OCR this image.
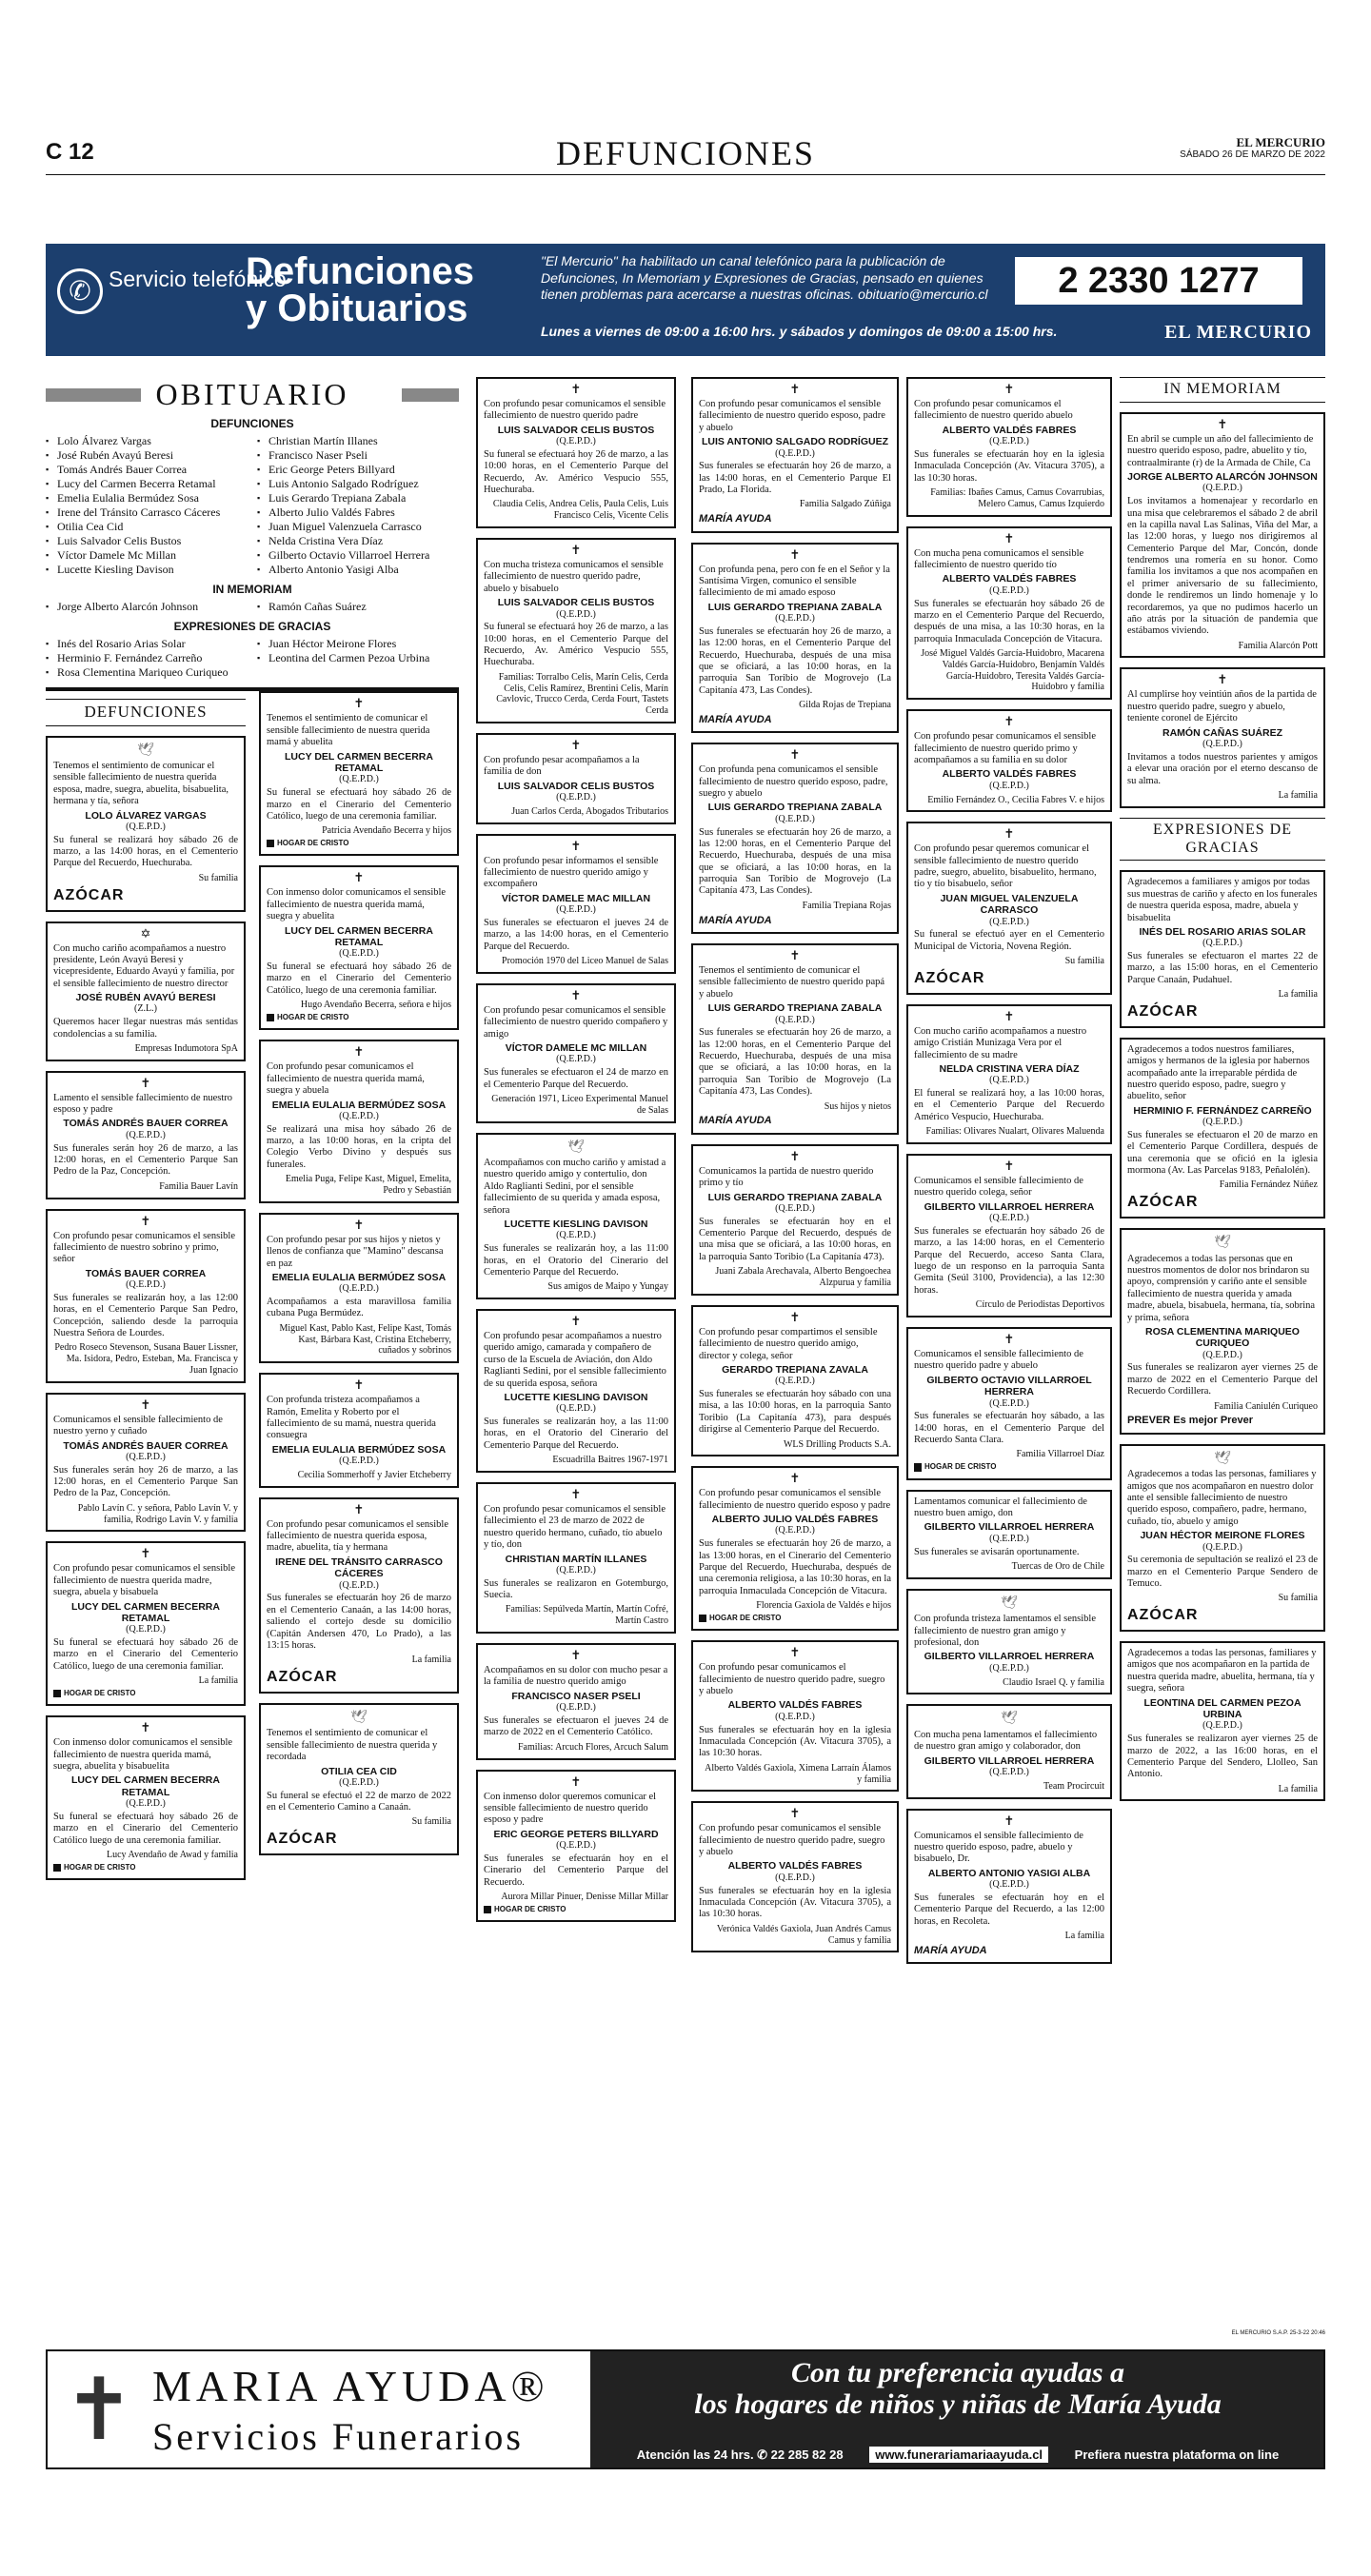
C 12	DEFUNCIONES	EL MERCURIO
SÁBADO 26 DE MARZO DE 2022
✆ Servicio telefónico
Defunciones
y Obituarios
"El Mercurio" ha habilitado un canal telefónico para la publicación de Defunciones, In Memoriam y Expresiones de Gracias, pensado en quienes tienen problemas para acercarse a nuestras oficinas. obituario@mercurio.cl
Lunes a viernes de 09:00 a 16:00 hrs. y sábados y domingos de 09:00 a 15:00 hrs.
2 2330 1277
EL MERCURIO
OBITUARIO
DEFUNCIONES
▪ Lolo Álvarez Vargas
▪ José Rubén Avayú Beresi
▪ Tomás Andrés Bauer Correa
▪ Lucy del Carmen Becerra Retamal
▪ Emelia Eulalia Bermúdez Sosa
▪ Irene del Tránsito Carrasco Cáceres
▪ Otilia Cea Cid
▪ Luis Salvador Celis Bustos
▪ Víctor Damele Mc Millan
▪ Lucette Kiesling Davison
▪ Christian Martín Illanes
▪ Francisco Naser Pseli
▪ Eric George Peters Billyard
▪ Luis Antonio Salgado Rodríguez
▪ Luis Gerardo Trepiana Zabala
▪ Alberto Julio Valdés Fabres
▪ Juan Miguel Valenzuela Carrasco
▪ Nelda Cristina Vera Díaz
▪ Gilberto Octavio Villarroel Herrera
▪ Alberto Antonio Yasigi Alba
IN MEMORIAM
▪ Jorge Alberto Alarcón Johnson
▪	Ramón Cañas Suárez
EXPRESIONES DE GRACIAS
▪ Inés del Rosario Arias Solar
▪ Herminio F. Fernández Carreño
▪ Rosa Clementina Mariqueo Curiqueo
▪ Juan Héctor Meirone Flores
▪ Leontina del Carmen Pezoa Urbina
DEFUNCIONES
🕊
Tenemos el sentimiento de comunicar el sensible fallecimiento de nuestra querida esposa, madre, suegra, abuelita, bisabuelita, hermana y tía, señora
LOLO ÁLVAREZ VARGAS
(Q.E.P.D.)
Su funeral se realizará hoy sábado 26 de marzo, a las 14:00 horas, en el Cementerio Parque del Recuerdo, Huechuraba.
Su familia
AZÓCAR
✡
Con mucho cariño acompañamos a nuestro presidente, León Avayú Beresi y vicepresidente, Eduardo Avayú y familia, por el sensible fallecimiento de nuestro director
JOSÉ RUBÉN AVAYÚ BERESI
(Z.L.)
Queremos hacer llegar nuestras más sentidas condolencias a su familia.
Empresas Indumotora SpA
✝
Lamento el sensible fallecimiento de nuestro esposo y padre
TOMÁS ANDRÉS BAUER CORREA
(Q.E.P.D.)
Sus funerales serán hoy 26 de marzo, a las 12:00 horas, en el Cementerio Parque San Pedro de la Paz, Concepción.
Familia Bauer Lavín
✝
Con profundo pesar comunicamos el sensible fallecimiento de nuestro sobrino y primo, señor
TOMÁS BAUER CORREA
(Q.E.P.D.)
Sus funerales se realizarán hoy, a las 12:00 horas, en el Cementerio Parque San Pedro, Concepción, saliendo desde la parroquia Nuestra Señora de Lourdes.
Pedro Roseco Stevenson, Susana Bauer Lissner, Ma. Isidora, Pedro, Esteban, Ma. Francisca y Juan Ignacio
✝
Comunicamos el sensible fallecimiento de nuestro yerno y cuñado
TOMÁS ANDRÉS BAUER CORREA
(Q.E.P.D.)
Sus funerales serán hoy 26 de marzo, a las 12:00 horas, en el Cementerio Parque San Pedro de la Paz, Concepción.
Pablo Lavín C. y señora, Pablo Lavín V. y familia, Rodrigo Lavín V. y familia
✝
Con profundo pesar comunicamos el sensible fallecimiento de nuestra querida madre, suegra, abuela y bisabuela
LUCY DEL CARMEN BECERRA RETAMAL
(Q.E.P.D.)
Su funeral se efectuará hoy sábado 26 de marzo en el Cinerario del Cementerio Católico, luego de una ceremonia familiar.
La familia
HOGAR DE CRISTO
✝
Con inmenso dolor comunicamos el sensible fallecimiento de nuestra querida mamá, suegra, abuelita y bisabuelita
LUCY DEL CARMEN BECERRA RETAMAL
(Q.E.P.D.)
Su funeral se efectuará hoy sábado 26 de marzo en el Cinerario del Cementerio Católico luego de una ceremonia familiar.
Lucy Avendaño de Awad y familia
HOGAR DE CRISTO
✝
Tenemos el sentimiento de comunicar el sensible fallecimiento de nuestra querida mamá y abuelita
LUCY DEL CARMEN BECERRA RETAMAL
(Q.E.P.D.)
Su funeral se efectuará hoy sábado 26 de marzo en el Cinerario del Cementerio Católico, luego de una ceremonia familiar.
Patricia Avendaño Becerra y hijos
HOGAR DE CRISTO
✝
Con inmenso dolor comunicamos el sensible fallecimiento de nuestra querida mamá, suegra y abuelita
LUCY DEL CARMEN BECERRA RETAMAL
(Q.E.P.D.)
Su funeral se efectuará hoy sábado 26 de marzo en el Cinerario del Cementerio Católico, luego de una ceremonia familiar.
Hugo Avendaño Becerra, señora e hijos
HOGAR DE CRISTO
✝
Con profundo pesar comunicamos el fallecimiento de nuestra querida mamá, suegra y abuela
EMELIA EULALIA BERMÚDEZ SOSA
(Q.E.P.D.)
Se realizará una misa hoy sábado 26 de marzo, a las 10:00 horas, en la cripta del Colegio Verbo Divino y después sus funerales.
Emelia Puga, Felipe Kast, Miguel, Emelita, Pedro y Sebastián
✝
Con profundo pesar por sus hijos y nietos y llenos de confianza que "Mamino" descansa en paz
EMELIA EULALIA BERMÚDEZ SOSA
(Q.E.P.D.)
Acompañamos a esta maravillosa familia cubana Puga Bermúdez.
Miguel Kast, Pablo Kast, Felipe Kast, Tomás Kast, Bárbara Kast, Cristina Etcheberry, cuñados y sobrinos
✝
Con profunda tristeza acompañamos a Ramón, Emelita y Roberto por el fallecimiento de su mamá, nuestra querida consuegra
EMELIA EULALIA BERMÚDEZ SOSA
(Q.E.P.D.)
Cecilia Sommerhoff y Javier Etcheberry
✝
Con profundo pesar comunicamos el sensible fallecimiento de nuestra querida esposa, madre, abuelita, tía y hermana
IRENE DEL TRÁNSITO CARRASCO CÁCERES
(Q.E.P.D.)
Sus funerales se efectuarán hoy 26 de marzo en el Cementerio Canaán, a las 14:00 horas, saliendo el cortejo desde su domicilio (Capitán Andersen 470, Lo Prado), a las 13:15 horas.
La familia
AZÓCAR
🕊
Tenemos el sentimiento de comunicar el sensible fallecimiento de nuestra querida y recordada
OTILIA CEA CID
(Q.E.P.D.)
Su funeral se efectuó el 22 de marzo de 2022 en el Cementerio Camino a Canaán.
Su familia
AZÓCAR
✝
Con profundo pesar comunicamos el sensible fallecimiento de nuestro querido padre
LUIS SALVADOR CELIS BUSTOS
(Q.E.P.D.)
Su funeral se efectuará hoy 26 de marzo, a las 10:00 horas, en el Cementerio Parque del Recuerdo, Av. Américo Vespucio 555, Huechuraba.
Claudia Celis, Andrea Celis, Paula Celis, Luis Francisco Celis, Vicente Celis
✝
Con mucha tristeza comunicamos el sensible fallecimiento de nuestro querido padre, abuelo y bisabuelo
LUIS SALVADOR CELIS BUSTOS
(Q.E.P.D.)
Su funeral se efectuará hoy 26 de marzo, a las 10:00 horas, en el Cementerio Parque del Recuerdo, Av. Américo Vespucio 555, Huechuraba.
Familias: Torralbo Celis, Marín Celis, Cerda Celis, Celis Ramírez, Brentini Celis, Marín Cavlovic, Trucco Cerda, Cerda Fourt, Tastets Cerda
✝
Con profundo pesar acompañamos a la familia de don
LUIS SALVADOR CELIS BUSTOS
(Q.E.P.D.)
Juan Carlos Cerda, Abogados Tributarios
✝
Con profundo pesar informamos el sensible fallecimiento de nuestro querido amigo y excompañero
VÍCTOR DAMELE MAC MILLAN
(Q.E.P.D.)
Sus funerales se efectuaron el jueves 24 de marzo, a las 14:00 horas, en el Cementerio Parque del Recuerdo.
Promoción 1970 del Liceo Manuel de Salas
✝
Con profundo pesar comunicamos el sensible fallecimiento de nuestro querido compañero y amigo
VÍCTOR DAMELE MC MILLAN
(Q.E.P.D.)
Sus funerales se efectuaron el 24 de marzo en el Cementerio Parque del Recuerdo.
Generación 1971, Liceo Experimental Manuel de Salas
🕊
Acompañamos con mucho cariño y amistad a nuestro querido amigo y contertulio, don Aldo Raglianti Sedini, por el sensible fallecimiento de su querida y amada esposa, señora
LUCETTE KIESLING DAVISON
(Q.E.P.D.)
Sus funerales se realizarán hoy, a las 11:00 horas, en el Oratorio del Cinerario del Cementerio Parque del Recuerdo.
Sus amigos de Maipo y Yungay
✝
Con profundo pesar acompañamos a nuestro querido amigo, camarada y compañero de curso de la Escuela de Aviación, don Aldo Raglianti Sedini, por el sensible fallecimiento de su querida esposa, señora
LUCETTE KIESLING DAVISON
(Q.E.P.D.)
Sus funerales se realizarán hoy, a las 11:00 horas, en el Oratorio del Cinerario del Cementerio Parque del Recuerdo.
Escuadrilla Baitres 1967-1971
✝
Con profundo pesar comunicamos el sensible fallecimiento el 23 de marzo de 2022 de nuestro querido hermano, cuñado, tío abuelo y tío, don
CHRISTIAN MARTÍN ILLANES
(Q.E.P.D.)
Sus funerales se realizaron en Gotemburgo, Suecia.
Familias: Sepúlveda Martín, Martín Cofré, Martín Castro
✝
Acompañamos en su dolor con mucho pesar a la familia de nuestro querido amigo
FRANCISCO NASER PSELI
(Q.E.P.D.)
Sus funerales se efectuaron el jueves 24 de marzo de 2022 en el Cementerio Católico.
Familias: Arcuch Flores, Arcuch Salum
✝
Con inmenso dolor queremos comunicar el sensible fallecimiento de nuestro querido esposo y padre
ERIC GEORGE PETERS BILLYARD
(Q.E.P.D.)
Sus funerales se efectuarán hoy en el Cinerario del Cementerio Parque del Recuerdo.
Aurora Millar Pinuer, Denisse Millar Millar
HOGAR DE CRISTO
✝
Con profundo pesar comunicamos el sensible fallecimiento de nuestro querido esposo, padre y abuelo
LUIS ANTONIO SALGADO RODRÍGUEZ
(Q.E.P.D.)
Sus funerales se efectuarán hoy 26 de marzo, a las 14:00 horas, en el Cementerio Parque El Prado, La Florida.
Familia Salgado Zúñiga
MARÍA AYUDA
✝
Con profunda pena, pero con fe en el Señor y la Santísima Virgen, comunico el sensible fallecimiento de mi amado esposo
LUIS GERARDO TREPIANA ZABALA
(Q.E.P.D.)
Sus funerales se efectuarán hoy 26 de marzo, a las 12:00 horas, en el Cementerio Parque del Recuerdo, Huechuraba, después de una misa que se oficiará, a las 10:00 horas, en la parroquia San Toribio de Mogrovejo (La Capitanía 473, Las Condes).
Gilda Rojas de Trepiana
MARÍA AYUDA
✝
Con profunda pena comunicamos el sensible fallecimiento de nuestro querido esposo, padre, suegro y abuelo
LUIS GERARDO TREPIANA ZABALA
(Q.E.P.D.)
Sus funerales se efectuarán hoy 26 de marzo, a las 12:00 horas, en el Cementerio Parque del Recuerdo, Huechuraba, después de una misa que se oficiará, a las 10:00 horas, en la parroquia San Toribio de Mogrovejo (La Capitanía 473, Las Condes).
Familia Trepiana Rojas
MARÍA AYUDA
✝
Tenemos el sentimiento de comunicar el sensible fallecimiento de nuestro querido papá y abuelo
LUIS GERARDO TREPIANA ZABALA
(Q.E.P.D.)
Sus funerales se efectuarán hoy 26 de marzo, a las 12:00 horas, en el Cementerio Parque del Recuerdo, Huechuraba, después de una misa que se oficiará, a las 10:00 horas, en la parroquia San Toribio de Mogrovejo (La Capitanía 473, Las Condes).
Sus hijos y nietos
MARÍA AYUDA
✝
Comunicamos la partida de nuestro querido primo y tío
LUIS GERARDO TREPIANA ZABALA
(Q.E.P.D.)
Sus funerales se efectuarán hoy en el Cementerio Parque del Recuerdo, después de una misa que se oficiará, a las 10:00 horas, en la parroquia Santo Toribio (La Capitanía 473).
Juani Zabala Arechavala, Alberto Bengoechea Alzpurua y familia
✝
Con profundo pesar compartimos el sensible fallecimiento de nuestro querido amigo, director y colega, señor
GERARDO TREPIANA ZAVALA
(Q.E.P.D.)
Sus funerales se efectuarán hoy sábado con una misa, a las 10:00 horas, en la parroquia Santo Toribio (La Capitanía 473), para después dirigirse al Cementerio Parque del Recuerdo.
WLS Drilling Products S.A.
✝
Con profundo pesar comunicamos el sensible fallecimiento de nuestro querido esposo y padre
ALBERTO JULIO VALDÉS FABRES
(Q.E.P.D.)
Sus funerales se efectuarán hoy 26 de marzo, a las 13:00 horas, en el Cinerario del Cementerio Parque del Recuerdo, Huechuraba, después de una ceremonia religiosa, a las 10:30 horas, en la parroquia Inmaculada Concepción de Vitacura.
Florencia Gaxiola de Valdés e hijos
HOGAR DE CRISTO
✝
Con profundo pesar comunicamos el fallecimiento de nuestro querido padre, suegro y abuelo
ALBERTO VALDÉS FABRES
(Q.E.P.D.)
Sus funerales se efectuarán hoy en la iglesia Inmaculada Concepción (Av. Vitacura 3705), a las 10:30 horas.
Alberto Valdés Gaxiola, Ximena Larraín Álamos y familia
✝
Con profundo pesar comunicamos el sensible fallecimiento de nuestro querido padre, suegro y abuelo
ALBERTO VALDÉS FABRES
(Q.E.P.D.)
Sus funerales se efectuarán hoy en la iglesia Inmaculada Concepción (Av. Vitacura 3705), a las 10:30 horas.
Verónica Valdés Gaxiola, Juan Andrés Camus Camus y familia
✝
Con profundo pesar comunicamos el fallecimiento de nuestro querido abuelo
ALBERTO VALDÉS FABRES
(Q.E.P.D.)
Sus funerales se efectuarán hoy en la iglesia Inmaculada Concepción (Av. Vitacura 3705), a las 10:30 horas.
Familias: Ibañes Camus, Camus Covarrubias, Melero Camus, Camus Izquierdo
✝
Con mucha pena comunicamos el sensible fallecimiento de nuestro querido tío
ALBERTO VALDÉS FABRES
(Q.E.P.D.)
Sus funerales se efectuarán hoy sábado 26 de marzo en el Cementerio Parque del Recuerdo, después de una misa, a las 10:30 horas, en la parroquia Inmaculada Concepción de Vitacura.
José Miguel Valdés García-Huidobro, Macarena Valdés García-Huidobro, Benjamín Valdés García-Huidobro, Teresita Valdés García-Huidobro y familia
✝
Con profundo pesar comunicamos el sensible fallecimiento de nuestro querido primo y acompañamos a su familia en su dolor
ALBERTO VALDÉS FABRES
(Q.E.P.D.)
Emilio Fernández O., Cecilia Fabres V. e hijos
✝
Con profundo pesar queremos comunicar el sensible fallecimiento de nuestro querido padre, suegro, abuelito, bisabuelito, hermano, tío y tío bisabuelo, señor
JUAN MIGUEL VALENZUELA CARRASCO
(Q.E.P.D.)
Su funeral se efectuó ayer en el Cementerio Municipal de Victoria, Novena Región.
Su familia
AZÓCAR
✝
Con mucho cariño acompañamos a nuestro amigo Cristián Munizaga Vera por el fallecimiento de su madre
NELDA CRISTINA VERA DÍAZ
(Q.E.P.D.)
El funeral se realizará hoy, a las 10:00 horas, en el Cementerio Parque del Recuerdo Américo Vespucio, Huechuraba.
Familias: Olivares Nualart, Olivares Maluenda
✝
Comunicamos el sensible fallecimiento de nuestro querido colega, señor
GILBERTO VILLARROEL HERRERA
(Q.E.P.D.)
Sus funerales se efectuarán hoy sábado 26 de marzo, a las 14:00 horas, en el Cementerio Parque del Recuerdo, acceso Santa Clara, luego de un responso en la parroquia Santa Gemita (Seúl 3100, Providencia), a las 12:30 horas.
Círculo de Periodistas Deportivos
✝
Comunicamos el sensible fallecimiento de nuestro querido padre y abuelo
GILBERTO OCTAVIO VILLARROEL HERRERA
(Q.E.P.D.)
Sus funerales se efectuarán hoy sábado, a las 14:00 horas, en el Cementerio Parque del Recuerdo Santa Clara.
Familia Villarroel Díaz
HOGAR DE CRISTO
Lamentamos comunicar el fallecimiento de nuestro buen amigo, don
GILBERTO VILLARROEL HERRERA
(Q.E.P.D.)
Sus funerales se avisarán oportunamente.
Tuercas de Oro de Chile
🕊
Con profunda tristeza lamentamos el sensible fallecimiento de nuestro gran amigo y profesional, don
GILBERTO VILLARROEL HERRERA
(Q.E.P.D.)
Claudio Israel Q. y familia
🕊
Con mucha pena lamentamos el fallecimiento de nuestro gran amigo y colaborador, don
GILBERTO VILLARROEL HERRERA
(Q.E.P.D.)
Team Procircuit
✝
Comunicamos el sensible fallecimiento de nuestro querido esposo, padre, abuelo y bisabuelo, Dr.
ALBERTO ANTONIO YASIGI ALBA
(Q.E.P.D.)
Sus funerales se efectuarán hoy en el Cementerio Parque del Recuerdo, a las 12:00 horas, en Recoleta.
La familia
MARÍA AYUDA
IN MEMORIAM
✝
En abril se cumple un año del fallecimiento de nuestro querido esposo, padre, abuelito y tío, contraalmirante (r) de la Armada de Chile, Ca
JORGE ALBERTO ALARCÓN JOHNSON
(Q.E.P.D.)
Los invitamos a homenajear y recordarlo en una misa que celebraremos el sábado 2 de abril en la capilla naval Las Salinas, Viña del Mar, a las 12:00 horas, y luego nos dirigiremos al Cementerio Parque del Mar, Concón, donde tendremos una romería en su honor. Como familia los invitamos a que nos acompañen en el primer aniversario de su fallecimiento, donde le rendiremos un lindo homenaje y lo recordaremos, ya que no pudimos hacerlo un año atrás por la situación de pandemia que estábamos viviendo.
Familia Alarcón Pott
✝
Al cumplirse hoy veintiún años de la partida de nuestro querido padre, suegro y abuelo, teniente coronel de Ejército
RAMÓN CAÑAS SUÁREZ
(Q.E.P.D.)
Invitamos a todos nuestros parientes y amigos a elevar una oración por el eterno descanso de su alma.
La familia
EXPRESIONES DE GRACIAS
Agradecemos a familiares y amigos por todas sus muestras de cariño y afecto en los funerales de nuestra querida esposa, madre, abuela y bisabuelita
INÉS DEL ROSARIO ARIAS SOLAR
(Q.E.P.D.)
Sus funerales se efectuaron el martes 22 de marzo, a las 15:00 horas, en el Cementerio Parque Canaán, Pudahuel.
La familia
AZÓCAR
Agradecemos a todos nuestros familiares, amigos y hermanos de la iglesia por habernos acompañado ante la irreparable pérdida de nuestro querido esposo, padre, suegro y abuelito, señor
HERMINIO F. FERNÁNDEZ CARREÑO
(Q.E.P.D.)
Sus funerales se efectuaron el 20 de marzo en el Cementerio Parque Cordillera, después de una ceremonia que se ofició en la iglesia mormona (Av. Las Parcelas 9183, Peñalolén).
Familia Fernández Núñez
AZÓCAR
🕊
Agradecemos a todas las personas que en nuestros momentos de dolor nos brindaron su apoyo, comprensión y cariño ante el sensible fallecimiento de nuestra querida y amada madre, abuela, bisabuela, hermana, tía, sobrina y prima, señora
ROSA CLEMENTINA MARIQUEO CURIQUEO
(Q.E.P.D.)
Sus funerales se realizaron ayer viernes 25 de marzo de 2022 en el Cementerio Parque del Recuerdo Cordillera.
Familia Caniulén Curiqueo
PREVER Es mejor Prever
🕊
Agradecemos a todas las personas, familiares y amigos que nos acompañaron en nuestro dolor ante el sensible fallecimiento de nuestro querido esposo, compañero, padre, hermano, cuñado, tío, abuelo y amigo
JUAN HÉCTOR MEIRONE FLORES
(Q.E.P.D.)
Su ceremonia de sepultación se realizó el 23 de marzo en el Cementerio Parque Sendero de Temuco.
Su familia
AZÓCAR
Agradecemos a todas las personas, familiares y amigos que nos acompañaron en la partida de nuestra querida madre, abuelita, hermana, tía y suegra, señora
LEONTINA DEL CARMEN PEZOA URBINA
(Q.E.P.D.)
Sus funerales se realizaron ayer viernes 25 de marzo de 2022, a las 16:00 horas, en el Cementerio Parque del Sendero, Llolleo, San Antonio.
La familia
EL MERCURIO S.A.P. 25-3-22 20:46
✝ MARIA AYUDA®
Servicios Funerarios
Con tu preferencia ayudas a
los hogares de niños y niñas de María Ayuda
Atención las 24 hrs. ✆ 22 285 82 28	www.funerariamariaayuda.cl	Prefiera nuestra plataforma on line
